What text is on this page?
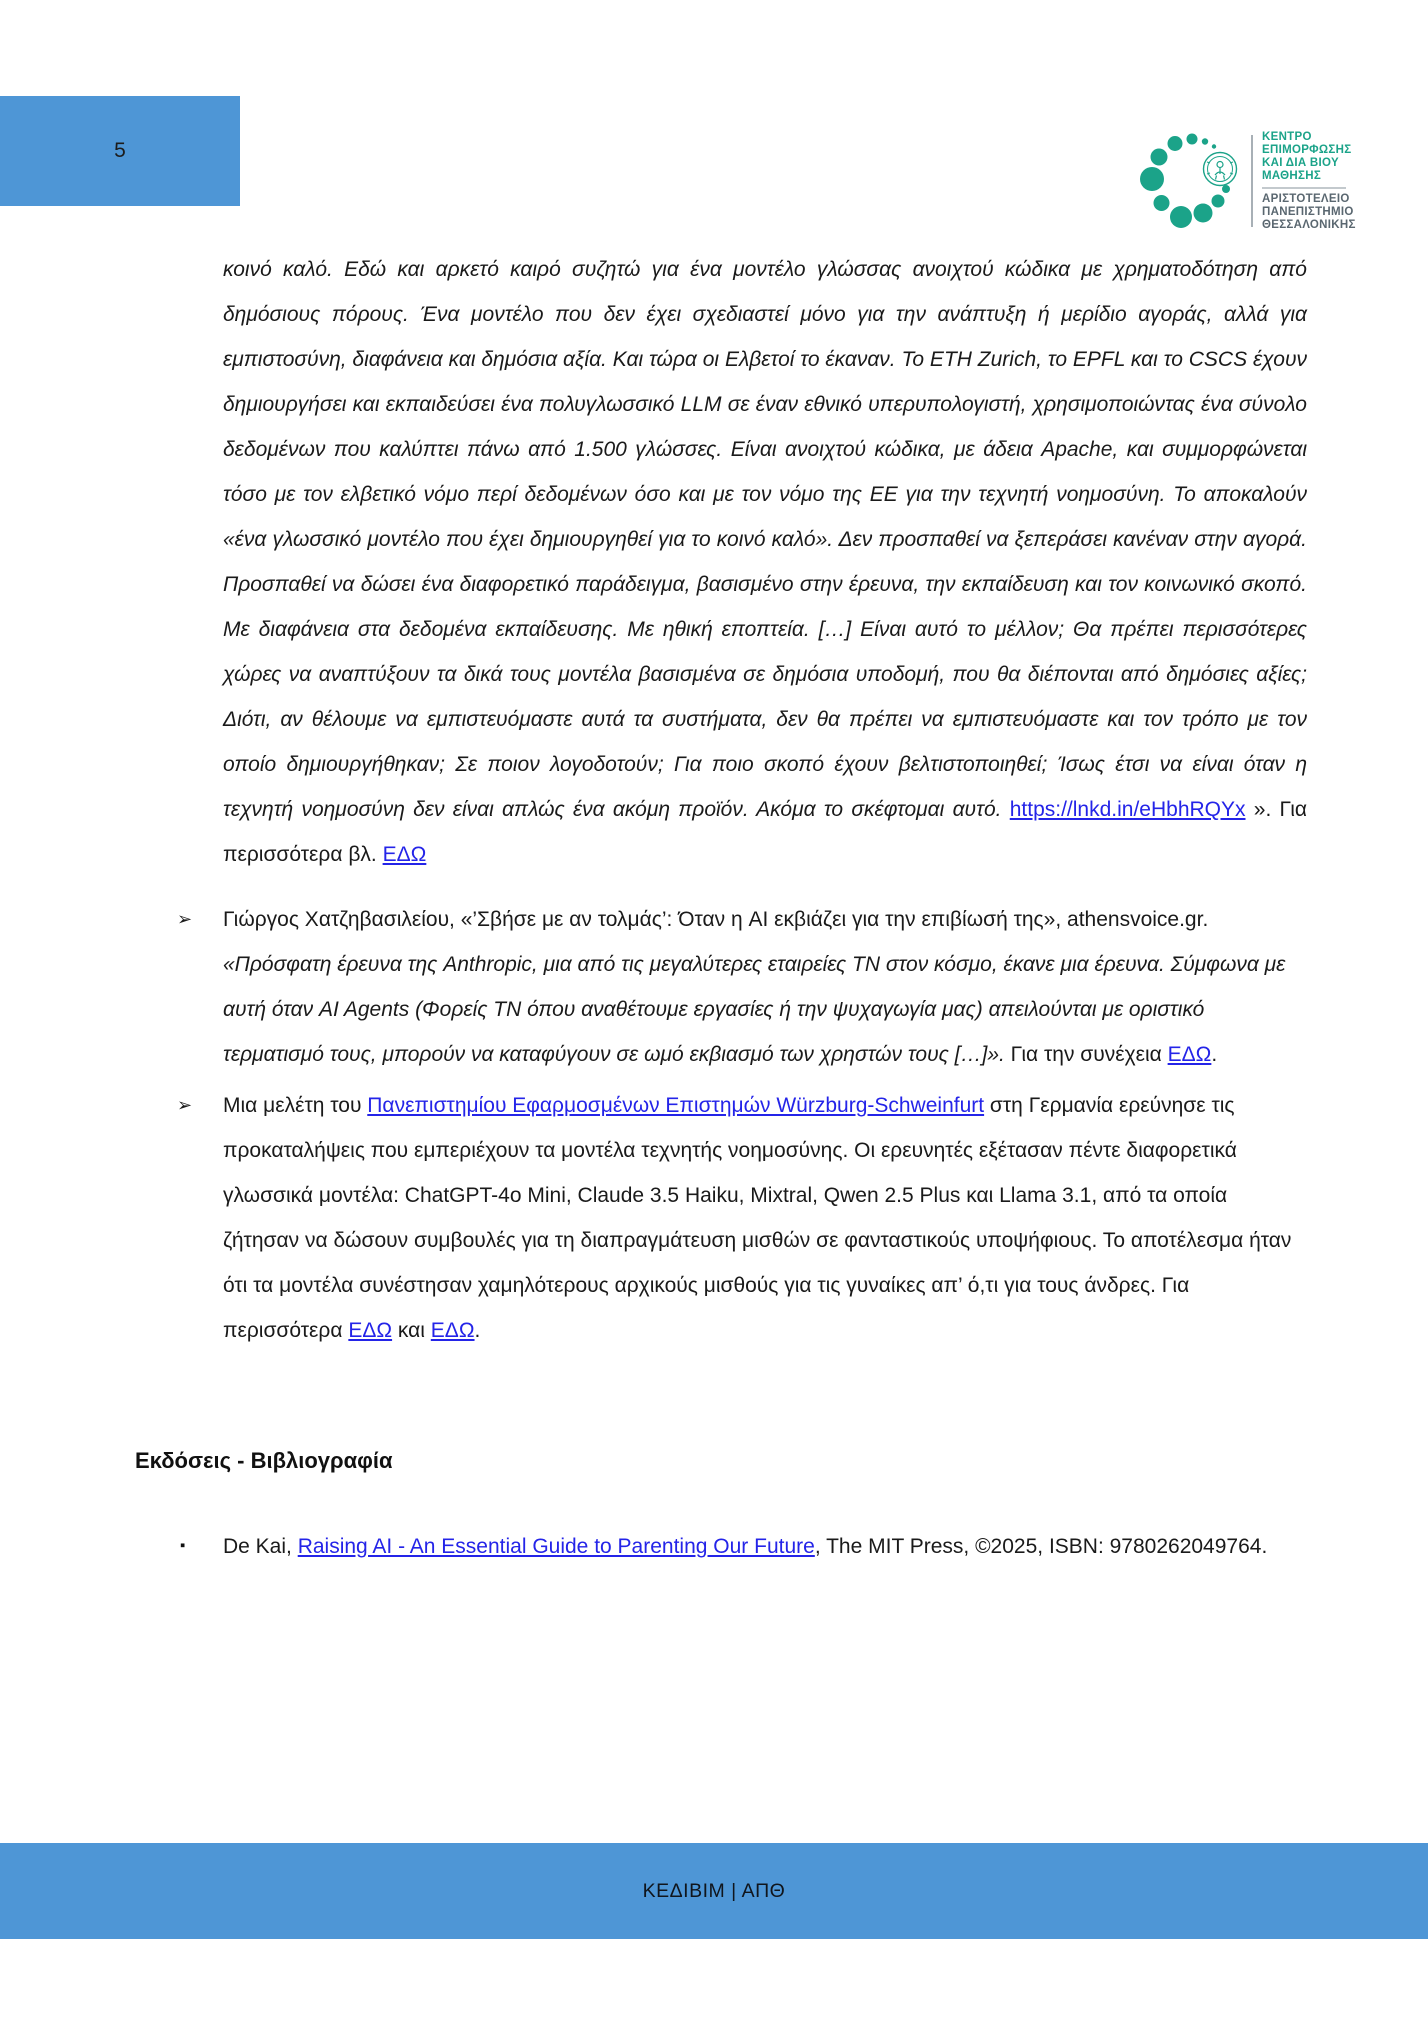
5
ΚΕΝΤΡΟ
ΕΠΙΜΟΡΦΩΣΗΣ
ΚΑΙ ΔΙΑ ΒΙΟΥ
ΜΑΘΗΣΗΣ
ΑΡΙΣΤΟΤΕΛΕΙΟ
ΠΑΝΕΠΙΣΤΗΜΙΟ
ΘΕΣΣΑΛΟΝΙΚΗΣ

κοινό καλό. Εδώ και αρκετό καιρό συζητώ για ένα μοντέλο γλώσσας ανοιχτού κώδικα με χρηματοδότηση από δημόσιους πόρους. Ένα μοντέλο που δεν έχει σχεδιαστεί μόνο για την ανάπτυξη ή μερίδιο αγοράς, αλλά για εμπιστοσύνη, διαφάνεια και δημόσια αξία. Και τώρα οι Ελβετοί το έκαναν. Το ETH Zurich, το EPFL και το CSCS έχουν δημιουργήσει και εκπαιδεύσει ένα πολυγλωσσικό LLM σε έναν εθνικό υπερυπολογιστή, χρησιμοποιώντας ένα σύνολο δεδομένων που καλύπτει πάνω από 1.500 γλώσσες. Είναι ανοιχτού κώδικα, με άδεια Apache, και συμμορφώνεται τόσο με τον ελβετικό νόμο περί δεδομένων όσο και με τον νόμο της ΕΕ για την τεχνητή νοημοσύνη. Το αποκαλούν «ένα γλωσσικό μοντέλο που έχει δημιουργηθεί για το κοινό καλό». Δεν προσπαθεί να ξεπεράσει κανέναν στην αγορά. Προσπαθεί να δώσει ένα διαφορετικό παράδειγμα, βασισμένο στην έρευνα, την εκπαίδευση και τον κοινωνικό σκοπό. Με διαφάνεια στα δεδομένα εκπαίδευσης. Με ηθική εποπτεία. […] Είναι αυτό το μέλλον; Θα πρέπει περισσότερες χώρες να αναπτύξουν τα δικά τους μοντέλα βασισμένα σε δημόσια υποδομή, που θα διέπονται από δημόσιες αξίες; Διότι, αν θέλουμε να εμπιστευόμαστε αυτά τα συστήματα, δεν θα πρέπει να εμπιστευόμαστε και τον τρόπο με τον οποίο δημιουργήθηκαν; Σε ποιον λογοδοτούν; Για ποιο σκοπό έχουν βελτιστοποιηθεί; Ίσως έτσι να είναι όταν η τεχνητή νοημοσύνη δεν είναι απλώς ένα ακόμη προϊόν. Ακόμα το σκέφτομαι αυτό. https://lnkd.in/eHbhRQYx ». Για περισσότερα βλ. ΕΔΩ

➢ Γιώργος Χατζηβασιλείου, «’Σβήσε με αν τολμάς’: Όταν η AI εκβιάζει για την επιβίωσή της», athensvoice.gr. «Πρόσφατη έρευνα της Anthropic, μια από τις μεγαλύτερες εταιρείες ΤΝ στον κόσμο, έκανε μια έρευνα. Σύμφωνα με αυτή όταν AI Agents (Φορείς ΤΝ όπου αναθέτουμε εργασίες ή την ψυχαγωγία μας) απειλούνται με οριστικό τερματισμό τους, μπορούν να καταφύγουν σε ωμό εκβιασμό των χρηστών τους […]». Για την συνέχεια ΕΔΩ.
➢ Μια μελέτη του Πανεπιστημίου Εφαρμοσμένων Επιστημών Würzburg-Schweinfurt στη Γερμανία ερεύνησε τις προκαταλήψεις που εμπεριέχουν τα μοντέλα τεχνητής νοημοσύνης. Οι ερευνητές εξέτασαν πέντε διαφορετικά γλωσσικά μοντέλα: ChatGPT-4o Mini, Claude 3.5 Haiku, Mixtral, Qwen 2.5 Plus και Llama 3.1, από τα οποία ζήτησαν να δώσουν συμβουλές για τη διαπραγμάτευση μισθών σε φανταστικούς υποψήφιους. Το αποτέλεσμα ήταν ότι τα μοντέλα συνέστησαν χαμηλότερους αρχικούς μισθούς για τις γυναίκες απ’ ό,τι για τους άνδρες. Για περισσότερα ΕΔΩ και ΕΔΩ.
Εκδόσεις - Βιβλιογραφία
▪ De Kai, Raising AI - An Essential Guide to Parenting Our Future, The MIT Press, ©2025, ISBN: 9780262049764.
ΚΕΔΙΒΙΜ | ΑΠΘ
